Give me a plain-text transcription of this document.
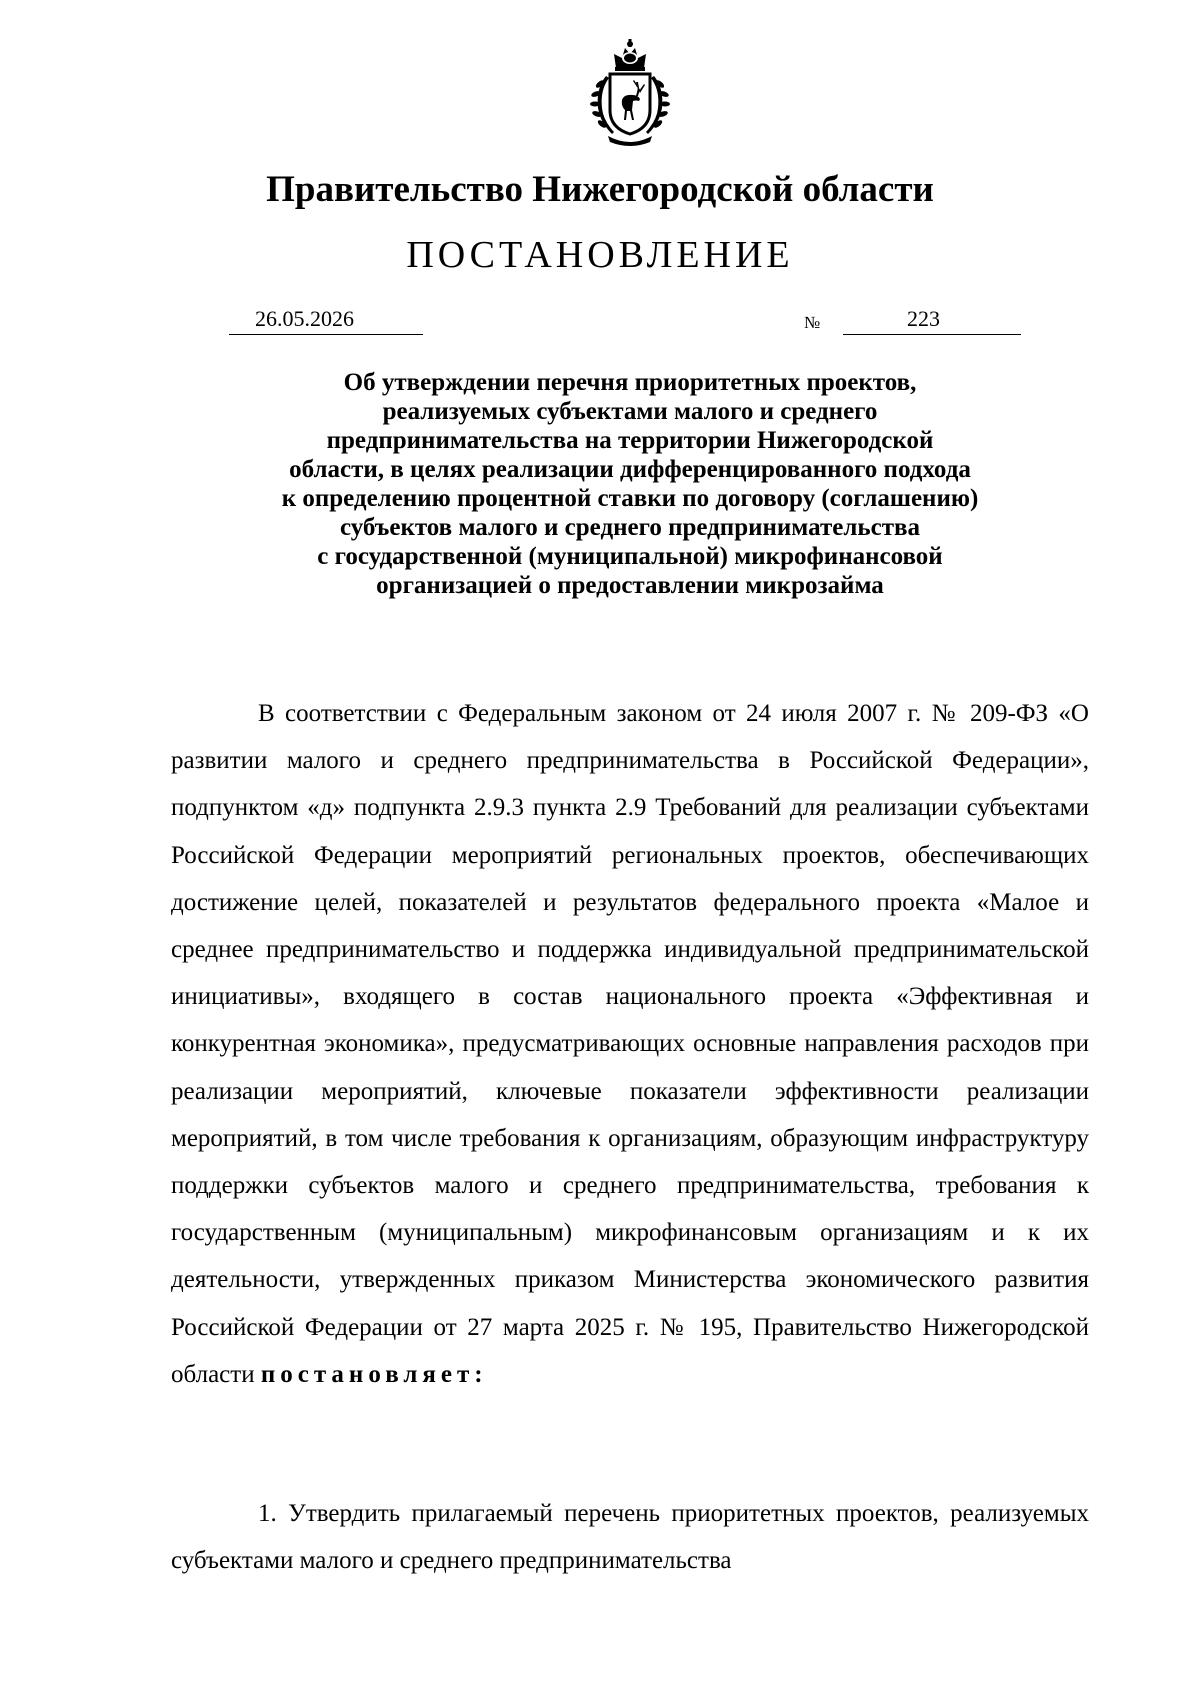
Правительство Нижегородской области
ПОСТАНОВЛЕНИЕ
26.05.2026	№	223
Об утверждении перечня приоритетных проектов,
реализуемых субъектами малого и среднего
предпринимательства на территории Нижегородской
области, в целях реализации дифференцированного подхода
к определению процентной ставки по договору (соглашению)
субъектов малого и среднего предпринимательства
с государственной (муниципальной) микрофинансовой
организацией о предоставлении микрозайма

В соответствии с Федеральным законом от 24 июля 2007 г. № 209-ФЗ «О развитии малого и среднего предпринимательства в Российской Федерации», подпунктом «д» подпункта 2.9.3 пункта 2.9 Требований для реализации субъектами Российской Федерации мероприятий региональных проектов, обеспечивающих достижение целей, показателей и результатов федерального проекта «Малое и среднее предпринимательство и поддержка индивидуальной предпринимательской инициативы», входящего в состав национального проекта «Эффективная и конкурентная экономика», предусматривающих основные направления расходов при реализации мероприятий, ключевые показатели эффективности реализации мероприятий, в том числе требования к организациям, образующим инфраструктуру поддержки субъектов малого и среднего предпринимательства, требования к государственным (муниципальным) микрофинансовым организациям и к их деятельности, утвержденных приказом Министерства экономического развития Российской Федерации от 27 марта 2025 г. № 195, Правительство Нижегородской области постановляет:

1. Утвердить прилагаемый перечень приоритетных проектов, реализуемых субъектами малого и среднего предпринимательства
